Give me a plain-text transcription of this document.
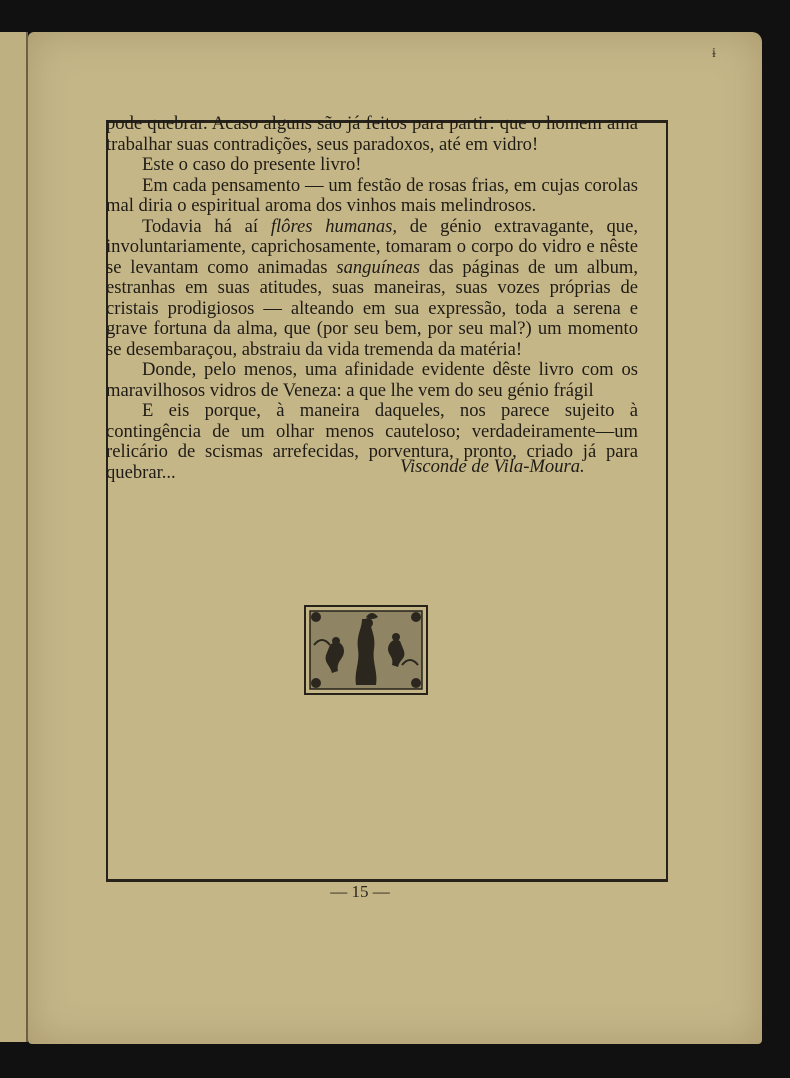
ɨ

pode quebrar. Acaso alguns são já feitos para partir: que o homem ama trabalhar suas contradições, seus paradoxos, até em vidro!

Este o caso do presente livro!

Em cada pensamento — um festão de rosas frias, em cujas corolas mal diria o espiritual aroma dos vinhos mais melindrosos.

Todavia há aí flôres humanas, de génio extravagante, que, involuntariamente, caprichosamente, tomaram o corpo do vidro e nêste se levantam como animadas sanguíneas das páginas de um album, estranhas em suas atitudes, suas maneiras, suas vozes próprias de cristais prodigiosos — alteando em sua expressão, toda a serena e grave fortuna da alma, que (por seu bem, por seu mal?) um momento se desembaraçou, abstraiu da vida tremenda da matéria!

Donde, pelo menos, uma afinidade evidente dêste livro com os maravilhosos vidros de Veneza: a que lhe vem do seu génio frágil

E eis porque, à maneira daqueles, nos parece sujeito à contingência de um olhar menos cauteloso; verdadeiramente—um relicário de scismas arrefecidas, porventura, pronto, criado já para quebrar...	Visconde de Vila-Moura.
— 15 —
